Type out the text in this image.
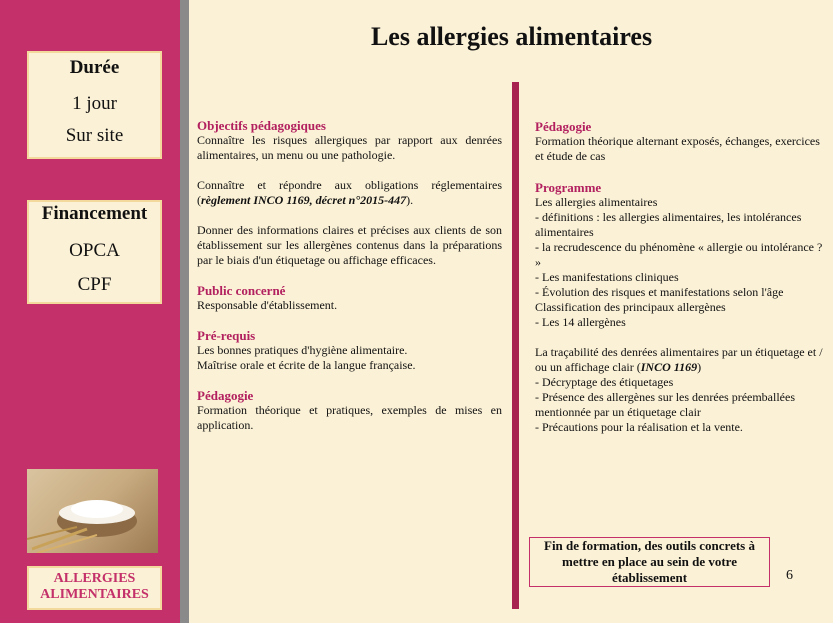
Durée
1 jour
Sur site
Financement
OPCA
CPF
ALLERGIES
ALIMENTAIRES
Les allergies alimentaires
Objectifs pédagogiques
Connaître les risques allergiques par rapport aux denrées alimentaires, un menu ou une pathologie.
Connaître et répondre aux obligations réglementaires (règlement INCO 1169, décret n°2015-447).
Donner des informations claires et précises aux clients de son établissement sur les allergènes contenus dans la préparations par le biais d'un étiquetage ou affichage efficaces.
Public concerné
Responsable d'établissement.
Pré-requis
Les bonnes pratiques d'hygiène alimentaire.
Maîtrise orale et écrite de la langue française.
Pédagogie
Formation théorique et pratiques, exemples de mises en application.
Pédagogie
Formation théorique alternant exposés, échanges, exercices et étude de cas
Programme
Les allergies alimentaires
- définitions : les allergies alimentaires, les intolérances alimentaires
- la recrudescence du phénomène « allergie ou intolérance ? »
- Les manifestations cliniques
- Évolution des risques et manifestations selon l'âge
Classification des principaux allergènes
- Les 14 allergènes
La traçabilité des denrées alimentaires par un étiquetage et / ou un affichage clair (INCO 1169)
- Décryptage des étiquetages
- Présence des allergènes sur les denrées préemballées mentionnée par un étiquetage clair
- Précautions pour la réalisation et la vente.
Fin de formation, des outils concrets à mettre en place au sein de votre établissement	6
